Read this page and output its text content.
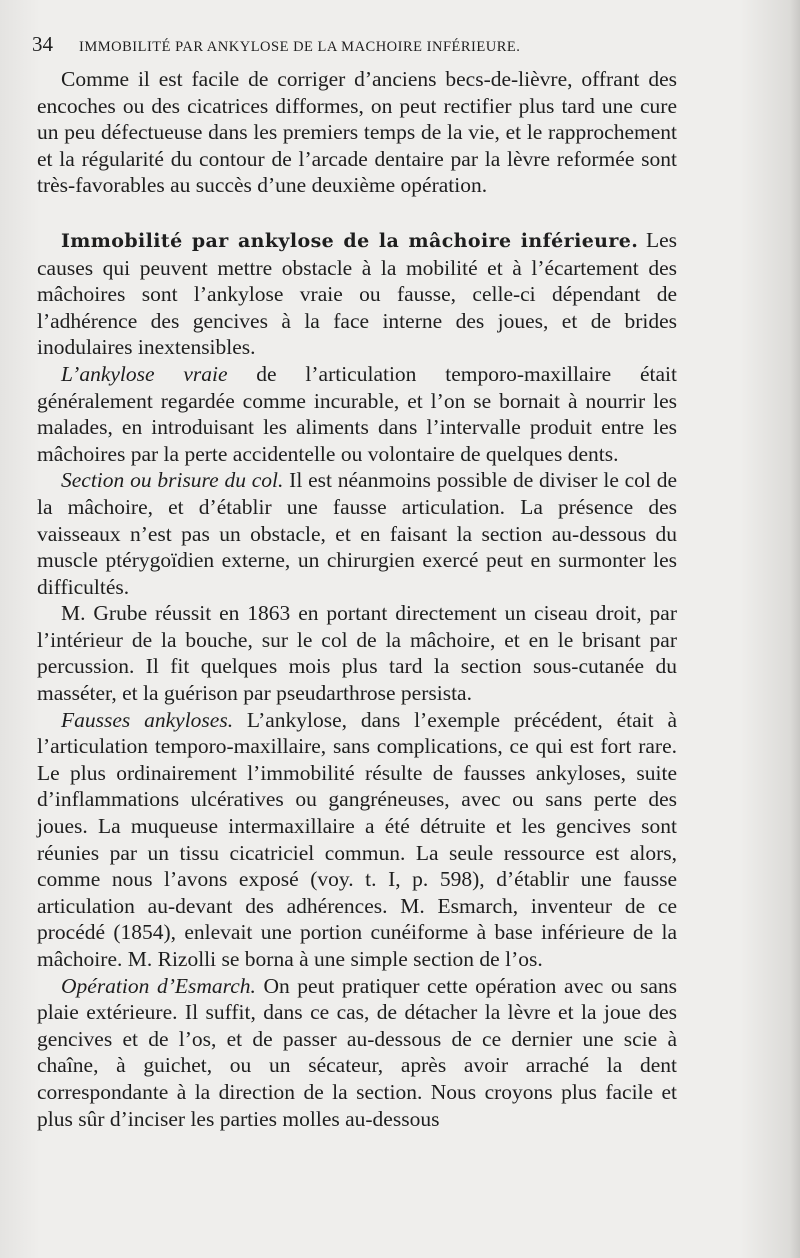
34 IMMOBILITÉ PAR ANKYLOSE DE LA MACHOIRE INFÉRIEURE.

Comme il est facile de corriger d’anciens becs-de-lièvre, offrant des encoches ou des cicatrices difformes, on peut rectifier plus tard une cure un peu défectueuse dans les premiers temps de la vie, et le rapprochement et la régularité du contour de l’arcade dentaire par la lèvre reformée sont très-favorables au succès d’une deuxième opération.

Immobilité par ankylose de la mâchoire inférieure. Les causes qui peuvent mettre obstacle à la mobilité et à l’écartement des mâchoires sont l’ankylose vraie ou fausse, celle-ci dépendant de l’adhérence des gencives à la face interne des joues, et de brides inodulaires inextensibles.

L’ankylose vraie de l’articulation temporo-maxillaire était généralement regardée comme incurable, et l’on se bornait à nourrir les malades, en introduisant les aliments dans l’intervalle produit entre les mâchoires par la perte accidentelle ou volontaire de quelques dents.

Section ou brisure du col. Il est néanmoins possible de diviser le col de la mâchoire, et d’établir une fausse articulation. La présence des vaisseaux n’est pas un obstacle, et en faisant la section au-dessous du muscle ptérygoïdien externe, un chirurgien exercé peut en surmonter les difficultés.

M. Grube réussit en 1863 en portant directement un ciseau droit, par l’intérieur de la bouche, sur le col de la mâchoire, et en le brisant par percussion. Il fit quelques mois plus tard la section sous-cutanée du masséter, et la guérison par pseudarthrose persista.

Fausses ankyloses. L’ankylose, dans l’exemple précédent, était à l’articulation temporo-maxillaire, sans complications, ce qui est fort rare. Le plus ordinairement l’immobilité résulte de fausses ankyloses, suite d’inflammations ulcératives ou gangréneuses, avec ou sans perte des joues. La muqueuse intermaxillaire a été détruite et les gencives sont réunies par un tissu cicatriciel commun. La seule ressource est alors, comme nous l’avons exposé (voy. t. I, p. 598), d’établir une fausse articulation au-devant des adhérences. M. Esmarch, inventeur de ce procédé (1854), enlevait une portion cunéiforme à base inférieure de la mâchoire. M. Rizolli se borna à une simple section de l’os.

Opération d’Esmarch. On peut pratiquer cette opération avec ou sans plaie extérieure. Il suffit, dans ce cas, de détacher la lèvre et la joue des gencives et de l’os, et de passer au-dessous de ce dernier une scie à chaîne, à guichet, ou un sécateur, après avoir arraché la dent correspondante à la direction de la section. Nous croyons plus facile et plus sûr d’inciser les parties molles au-dessous
